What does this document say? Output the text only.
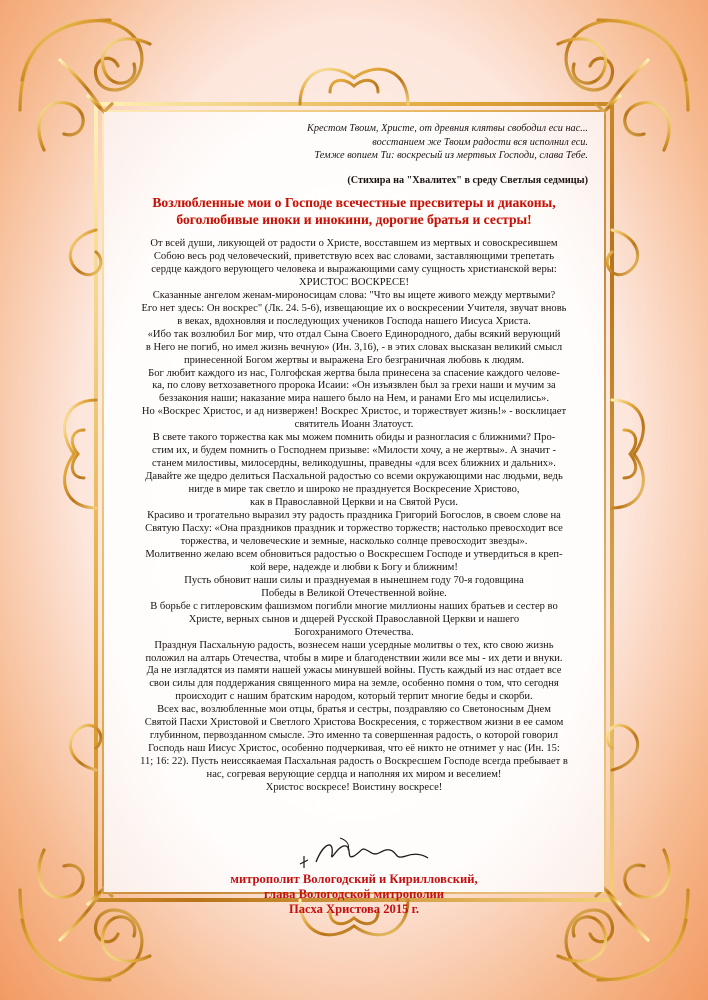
Крестом Твоим, Христе, от древния клятвы свободил еси нас...
восстанием же Твоим радости вся исполнил еси.
Темже вопием Ти: воскресый из мертвых Господи, слава Тебе.
(Стихира на "Хвалитех" в среду Светлыя седмицы)
Возлюбленные мои о Господе всечестные пресвитеры и диаконы,
боголюбивые иноки и инокини, дорогие братья и сестры!
От всей души, ликующей от радости о Христе, восставшем из мертвых и совоскресившем
Собою весь род человеческий, приветствую всех вас словами, заставляющими трепетать
сердце каждого верующего человека и выражающими саму сущность христианской веры:
ХРИСТОС ВОСКРЕСЕ!
Сказанные ангелом женам-мироносицам слова: "Что вы ищете живого между мертвыми?
Его нет здесь: Он воскрес" (Лк. 24. 5-6), извещающие их о воскресении Учителя, звучат вновь
в веках, вдохновляя и последующих учеников Господа нашего Иисуса Христа.
«Ибо так возлюбил Бог мир, что отдал Сына Своего Единородного, дабы всякий верующий
в Него не погиб, но имел жизнь вечную» (Ин. 3,16), - в этих словах высказан великий смысл
принесенной Богом жертвы и выражена Его безграничная любовь к людям.
Бог любит каждого из нас, Голгофская жертва была принесена за спасение каждого челове-
ка, по слову ветхозаветного пророка Исаии: «Он изъязвлен был за грехи наши и мучим за
беззакония наши; наказание мира нашего было на Нем, и ранами Его мы исцелились».
Но «Воскрес Христос, и ад низвержен! Воскрес Христос, и торжествует жизнь!» - восклицает
святитель Иоанн Златоуст.
В свете такого торжества как мы можем помнить обиды и разногласия с ближними? Про-
стим их, и будем помнить о Господнем призыве: «Милости хочу, а не жертвы». А значит -
станем милостивы, милосердны, великодушны, праведны «для всех ближних и дальних».
Давайте же щедро делиться Пасхальной радостью со всеми окружающими нас людьми, ведь
нигде в мире так светло и широко не празднуется Воскресение Христово,
как в Православной Церкви и на Святой Руси.
Красиво и трогательно выразил эту радость праздника Григорий Богослов, в своем слове на
Святую Пасху: «Она праздников праздник и торжество торжеств; настолько превосходит все
торжества, и человеческие и земные, насколько солнце превосходит звезды».
Молитвенно желаю всем обновиться радостью о Воскресшем Господе и утвердиться в креп-
кой вере, надежде и любви к Богу и ближним!
Пусть обновит наши силы и празднуемая в нынешнем году 70-я годовщина
Победы в Великой Отечественной войне.
В борьбе с гитлеровским фашизмом погибли многие миллионы наших братьев и сестер во
Христе, верных сынов и дщерей Русской Православной Церкви и нашего
Богохранимого Отечества.
Празднуя Пасхальную радость, вознесем наши усердные молитвы о тех, кто свою жизнь
положил на алтарь Отечества, чтобы в мире и благоденствии жили все мы - их дети и внуки.
Да не изгладятся из памяти нашей ужасы минувшей войны. Пусть каждый из нас отдает все
свои силы для поддержания священного мира на земле, особенно помня о том, что сегодня
происходит с нашим братским народом, который терпит многие беды и скорби.
Всех вас, возлюбленные мои отцы, братья и сестры, поздравляю со Светоносным Днем
Святой Пасхи Христовой и Светлого Христова Воскресения, с торжеством жизни в ее самом
глубинном, первозданном смысле. Это именно та совершенная радость, о которой говорил
Господь наш Иисус Христос, особенно подчеркивая, что её никто не отнимет у нас (Ин. 15:
11; 16: 22). Пусть неиссякаемая Пасхальная радость о Воскресшем Господе всегда пребывает в
нас, согревая верующие сердца и наполняя их миром и веселием!
Христос воскресе! Воистину воскресе!
митрополит Вологодский и Кирилловский,
глава Вологодской митрополии
Пасха Христова 2015 г.
